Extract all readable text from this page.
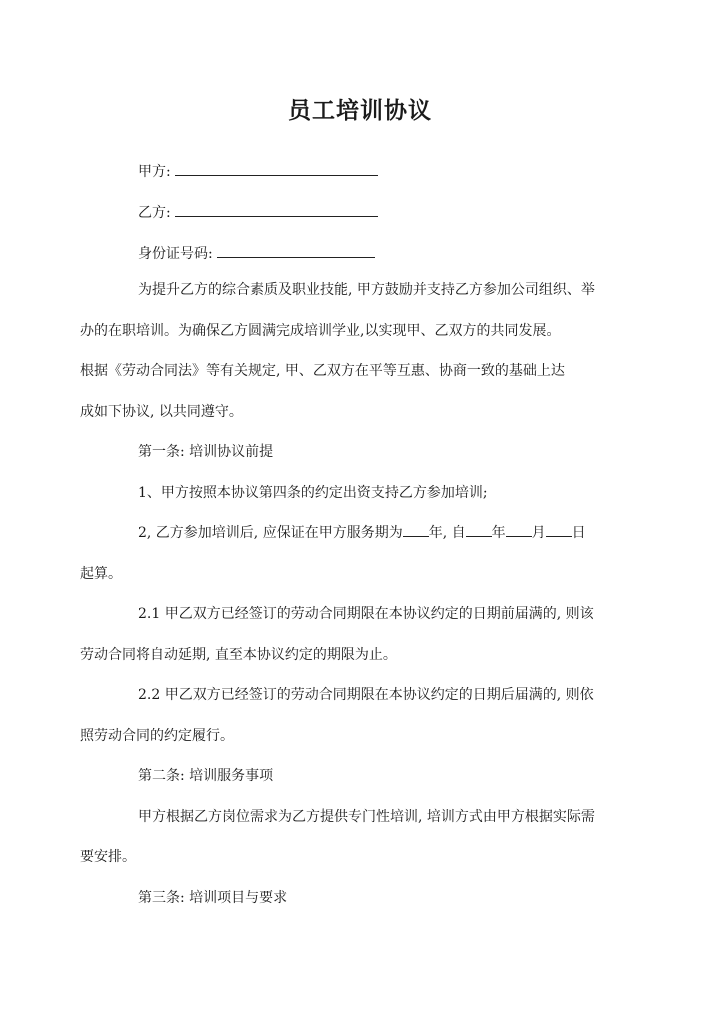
员工培训协议
甲方:
乙方:
身份证号码:
为提升乙方的综合素质及职业技能, 甲方鼓励并支持乙方参加公司组织、举
办的在职培训。为确保乙方圆满完成培训学业,以实现甲、乙双方的共同发展。
根据《劳动合同法》等有关规定, 甲、乙双方在平等互惠、协商一致的基础上达
成如下协议, 以共同遵守。
第一条: 培训协议前提
1、甲方按照本协议第四条的约定出资支持乙方参加培训;
2, 乙方参加培训后, 应保证在甲方服务期为 年, 自 年 月 日
起算。
2.1 甲乙双方已经签订的劳动合同期限在本协议约定的日期前届满的, 则该
劳动合同将自动延期, 直至本协议约定的期限为止。
2.2 甲乙双方已经签订的劳动合同期限在本协议约定的日期后届满的, 则依
照劳动合同的约定履行。
第二条: 培训服务事项
甲方根据乙方岗位需求为乙方提供专门性培训, 培训方式由甲方根据实际需
要安排。
第三条: 培训项目与要求
